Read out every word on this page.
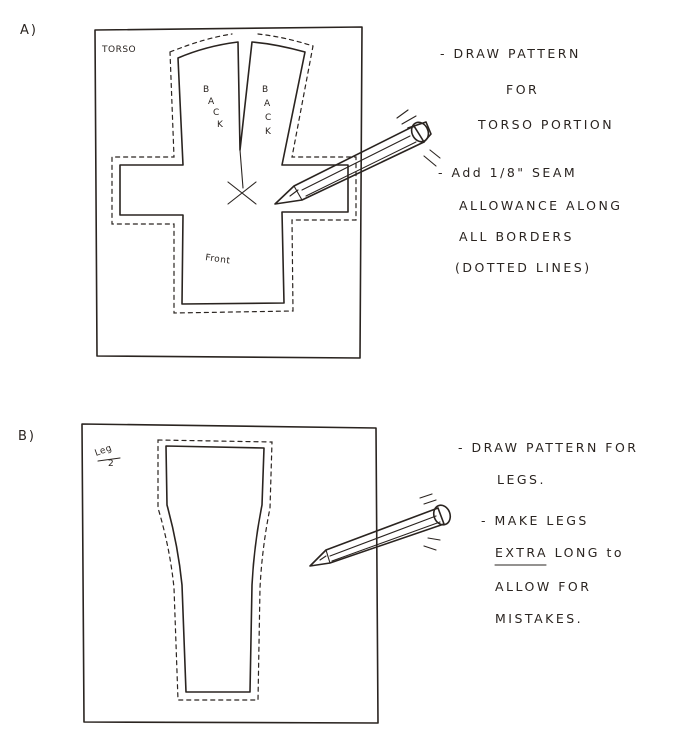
A)
TORSO
B
A
C
K
B
A
C
K
Front
- DRAW PATTERN
FOR
TORSO PORTION
- Add 1/8" SEAM
ALLOWANCE ALONG
ALL BORDERS
(DOTTED LINES)
B)
Leg
2
- DRAW PATTERN FOR
LEGS.
- MAKE LEGS
EXTRA LONG to
ALLOW FOR
MISTAKES.
